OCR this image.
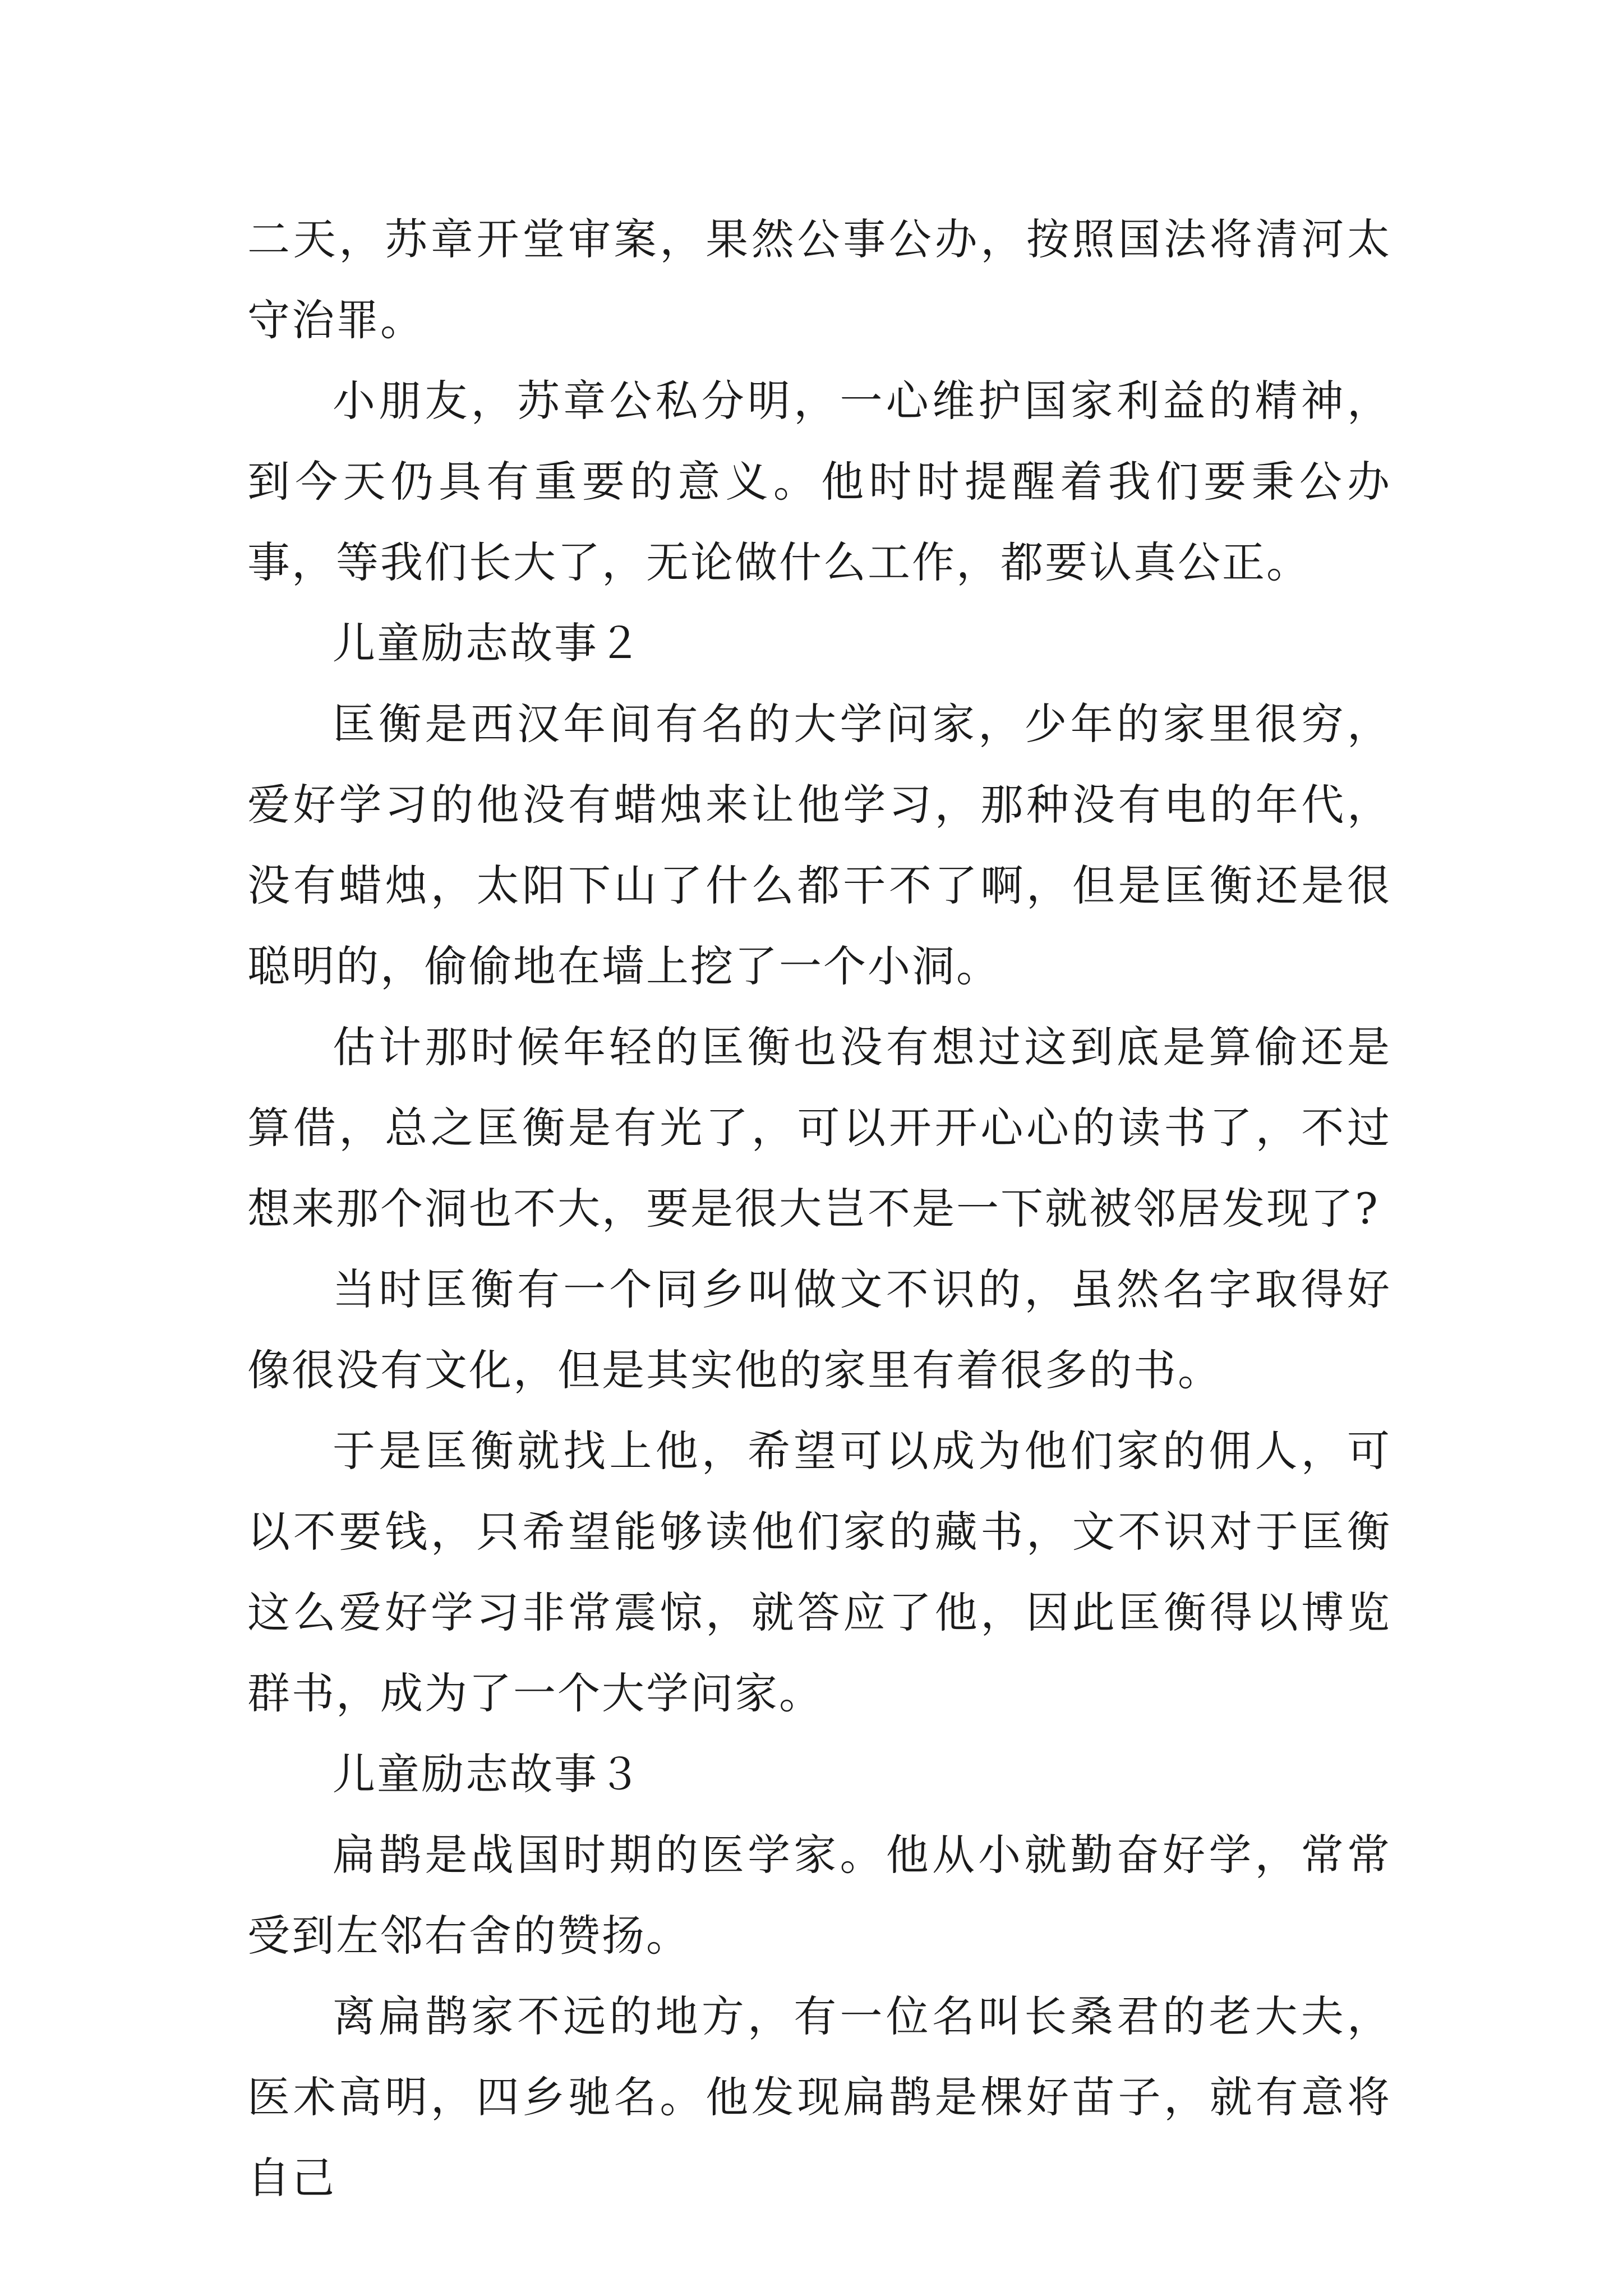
二天，苏章开堂审案，果然公事公办，按照国法将清河太守治罪。

小朋友，苏章公私分明，一心维护国家利益的精神，到今天仍具有重要的意义。他时时提醒着我们要秉公办事，等我们长大了，无论做什么工作，都要认真公正。

儿童励志故事２

匡衡是西汉年间有名的大学问家，少年的家里很穷，爱好学习的他没有蜡烛来让他学习，那种没有电的年代，没有蜡烛，太阳下山了什么都干不了啊，但是匡衡还是很聪明的，偷偷地在墙上挖了一个小洞。

估计那时候年轻的匡衡也没有想过这到底是算偷还是算借，总之匡衡是有光了，可以开开心心的读书了，不过想来那个洞也不大，要是很大岂不是一下就被邻居发现了?

当时匡衡有一个同乡叫做文不识的，虽然名字取得好像很没有文化，但是其实他的家里有着很多的书。

于是匡衡就找上他，希望可以成为他们家的佣人，可以不要钱，只希望能够读他们家的藏书，文不识对于匡衡这么爱好学习非常震惊，就答应了他，因此匡衡得以博览群书，成为了一个大学问家。

儿童励志故事３

扁鹊是战国时期的医学家。他从小就勤奋好学，常常受到左邻右舍的赞扬。

离扁鹊家不远的地方，有一位名叫长桑君的老大夫，医术高明，四乡驰名。他发现扁鹊是棵好苗子，就有意将自己
